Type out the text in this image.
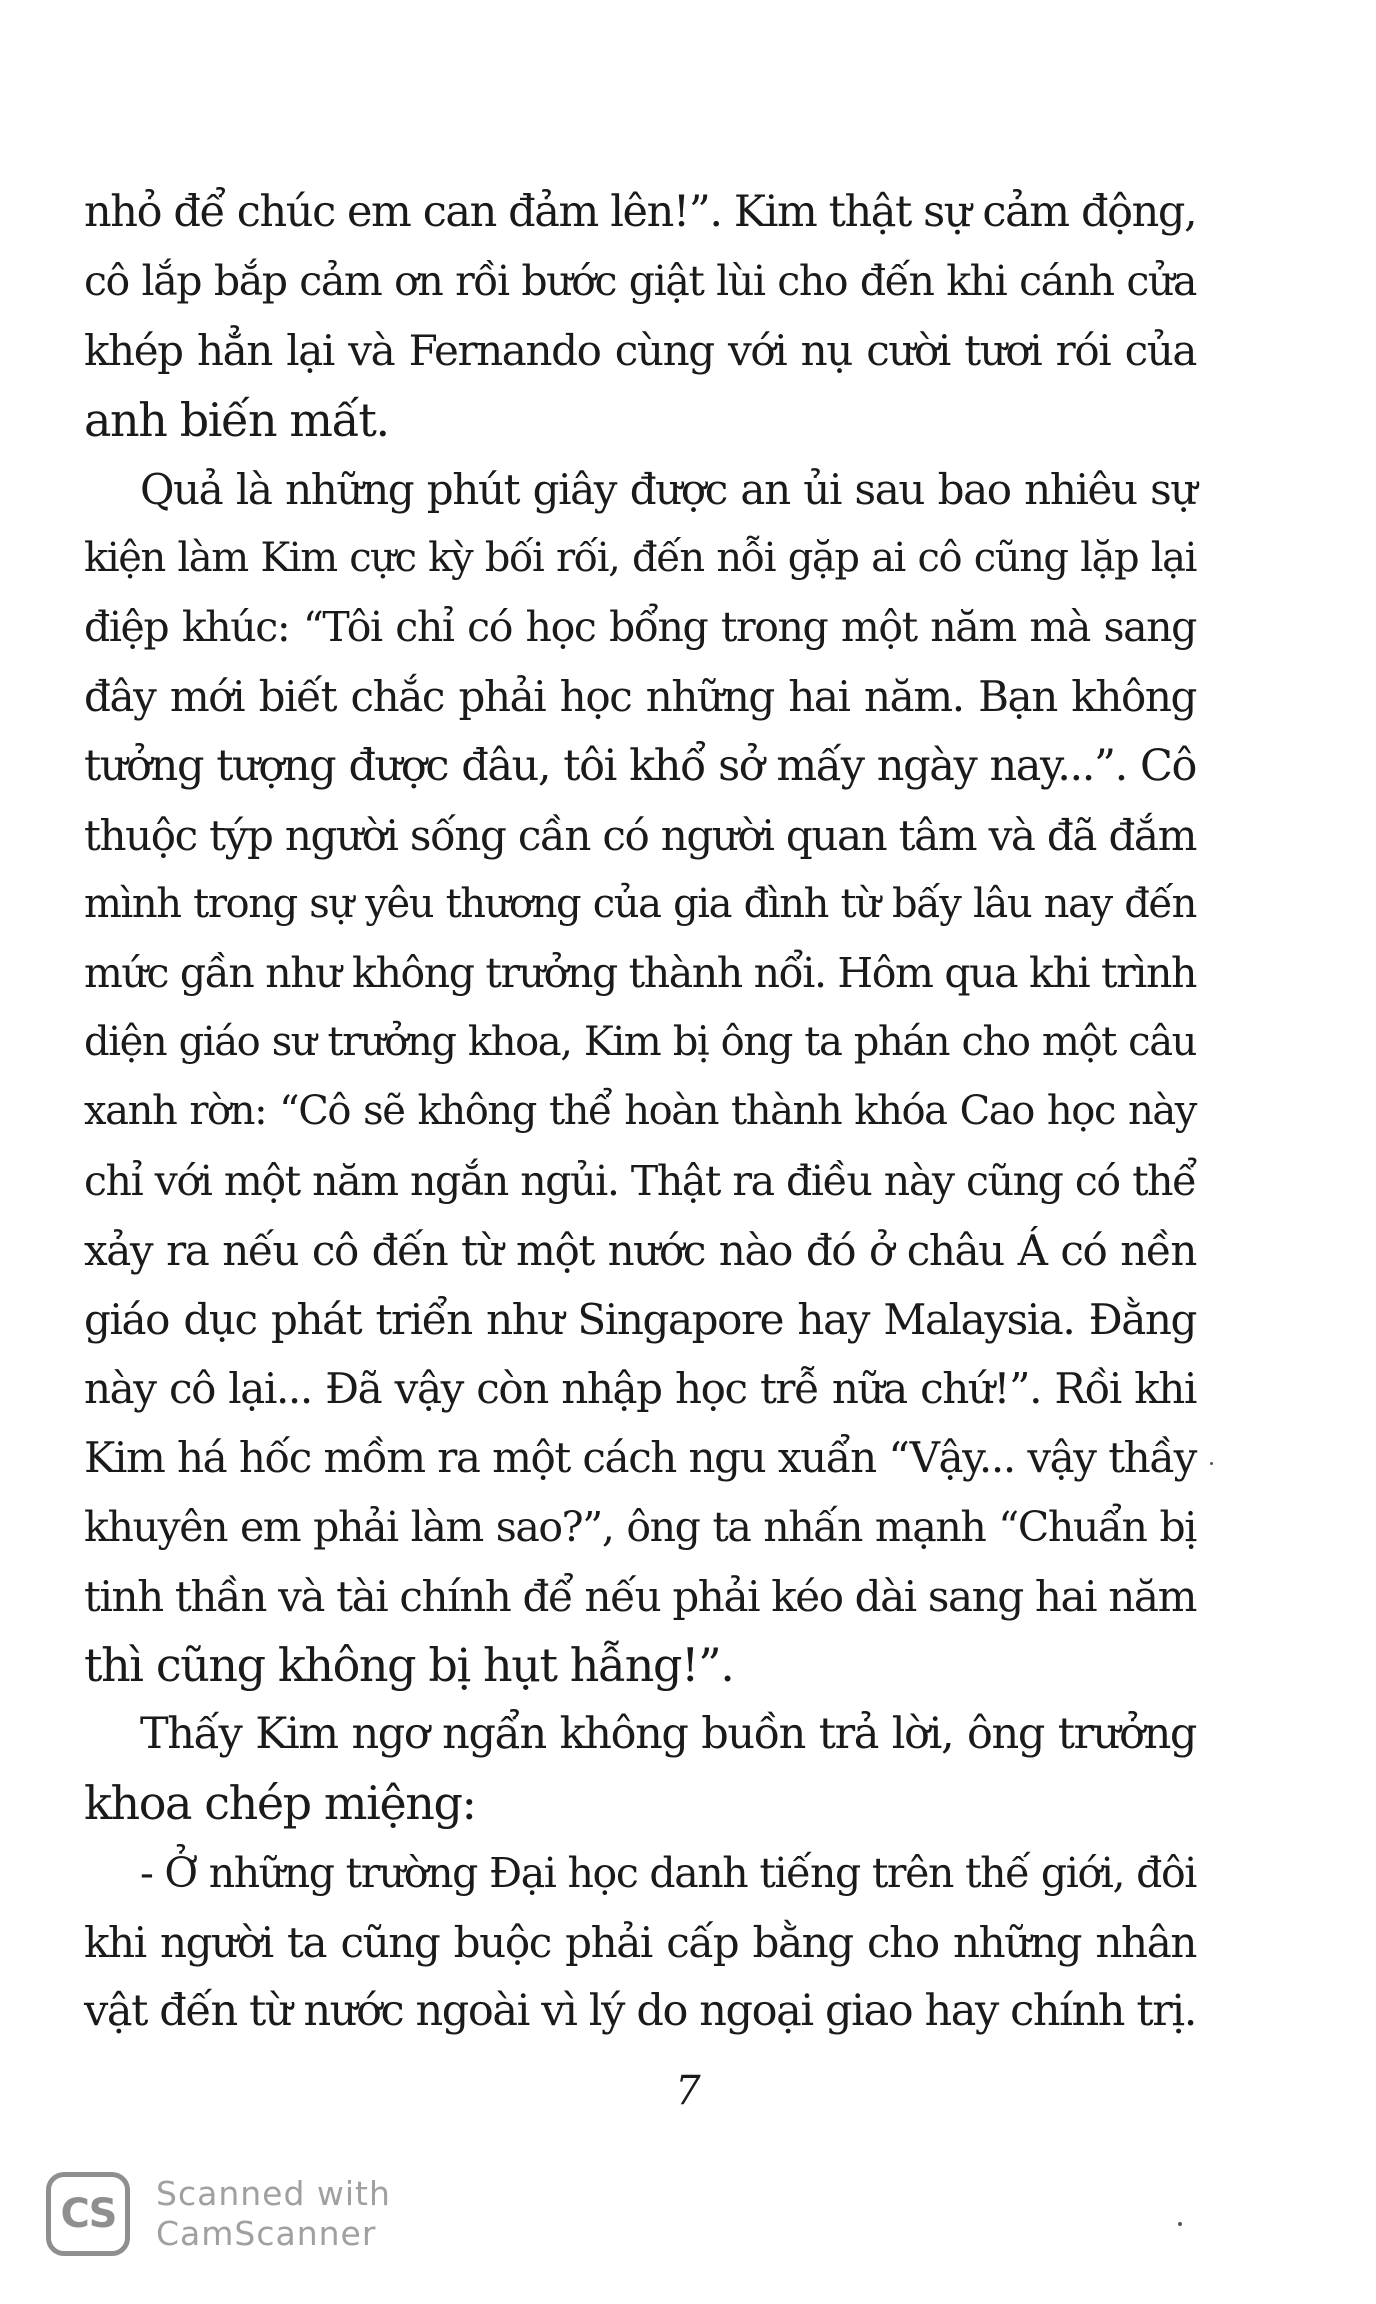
nhỏ để chúc em can đảm lên!”. Kim thật sự cảm động,
cô lắp bắp cảm ơn rồi bước giật lùi cho đến khi cánh cửa
khép hẳn lại và Fernando cùng với nụ cười tươi rói của
anh biến mất.
Quả là những phút giây được an ủi sau bao nhiêu sự
kiện làm Kim cực kỳ bối rối, đến nỗi gặp ai cô cũng lặp lại
điệp khúc: “Tôi chỉ có học bổng trong một năm mà sang
đây mới biết chắc phải học những hai năm. Bạn không
tưởng tượng được đâu, tôi khổ sở mấy ngày nay...”. Cô
thuộc týp người sống cần có người quan tâm và đã đắm
mình trong sự yêu thương của gia đình từ bấy lâu nay đến
mức gần như không trưởng thành nổi. Hôm qua khi trình
diện giáo sư trưởng khoa, Kim bị ông ta phán cho một câu
xanh rờn: “Cô sẽ không thể hoàn thành khóa Cao học này
chỉ với một năm ngắn ngủi. Thật ra điều này cũng có thể
xảy ra nếu cô đến từ một nước nào đó ở châu Á có nền
giáo dục phát triển như Singapore hay Malaysia. Đằng
này cô lại... Đã vậy còn nhập học trễ nữa chứ!”. Rồi khi
Kim há hốc mồm ra một cách ngu xuẩn “Vậy... vậy thầy
khuyên em phải làm sao?”, ông ta nhấn mạnh “Chuẩn bị
tinh thần và tài chính để nếu phải kéo dài sang hai năm
thì cũng không bị hụt hẫng!”.
Thấy Kim ngơ ngẩn không buồn trả lời, ông trưởng
khoa chép miệng:
- Ở những trường Đại học danh tiếng trên thế giới, đôi
khi người ta cũng buộc phải cấp bằng cho những nhân
vật đến từ nước ngoài vì lý do ngoại giao hay chính trị.
7
CS	Scanned with
CamScanner
